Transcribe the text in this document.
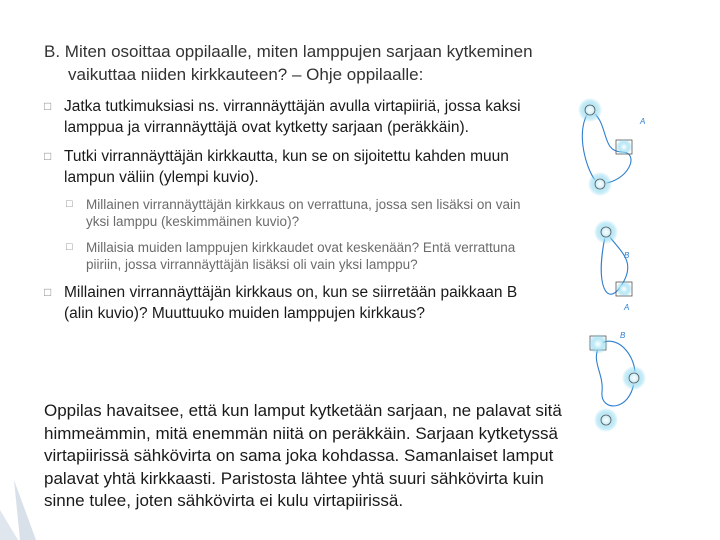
B. Miten osoittaa oppilaalle, miten lamppujen sarjaan kytkeminen
vaikuttaa niiden kirkkauteen? – Ohje oppilaalle:
□ Jatka tutkimuksiasi ns. virrannäyttäjän avulla virtapiiriä, jossa kaksi lamppua ja virrannäyttäjä ovat kytketty sarjaan (peräkkäin).
□ Tutki virrannäyttäjän kirkkautta, kun se on sijoitettu kahden muun lampun väliin (ylempi kuvio).
□ Millainen virrannäyttäjän kirkkaus on verrattuna, jossa sen lisäksi on vain yksi lamppu (keskimmäinen kuvio)?
□ Millaisia muiden lamppujen kirkkaudet ovat keskenään? Entä verrattuna piiriin, jossa virrannäyttäjän lisäksi oli vain yksi lamppu?
□ Millainen virrannäyttäjän kirkkaus on, kun se siirretään paikkaan B (alin kuvio)? Muuttuuko muiden lamppujen kirkkaus?
Oppilas havaitsee, että kun lamput kytketään sarjaan, ne palavat sitä himmeämmin, mitä enemmän niitä on peräkkäin. Sarjaan kytketyssä virtapiirissä sähkövirta on sama joka kohdassa. Samanlaiset lamput palavat yhtä kirkkaasti. Paristosta lähtee yhtä suuri sähkövirta kuin sinne tulee, joten sähkövirta ei kulu virtapiirissä.
A
B
A
B
